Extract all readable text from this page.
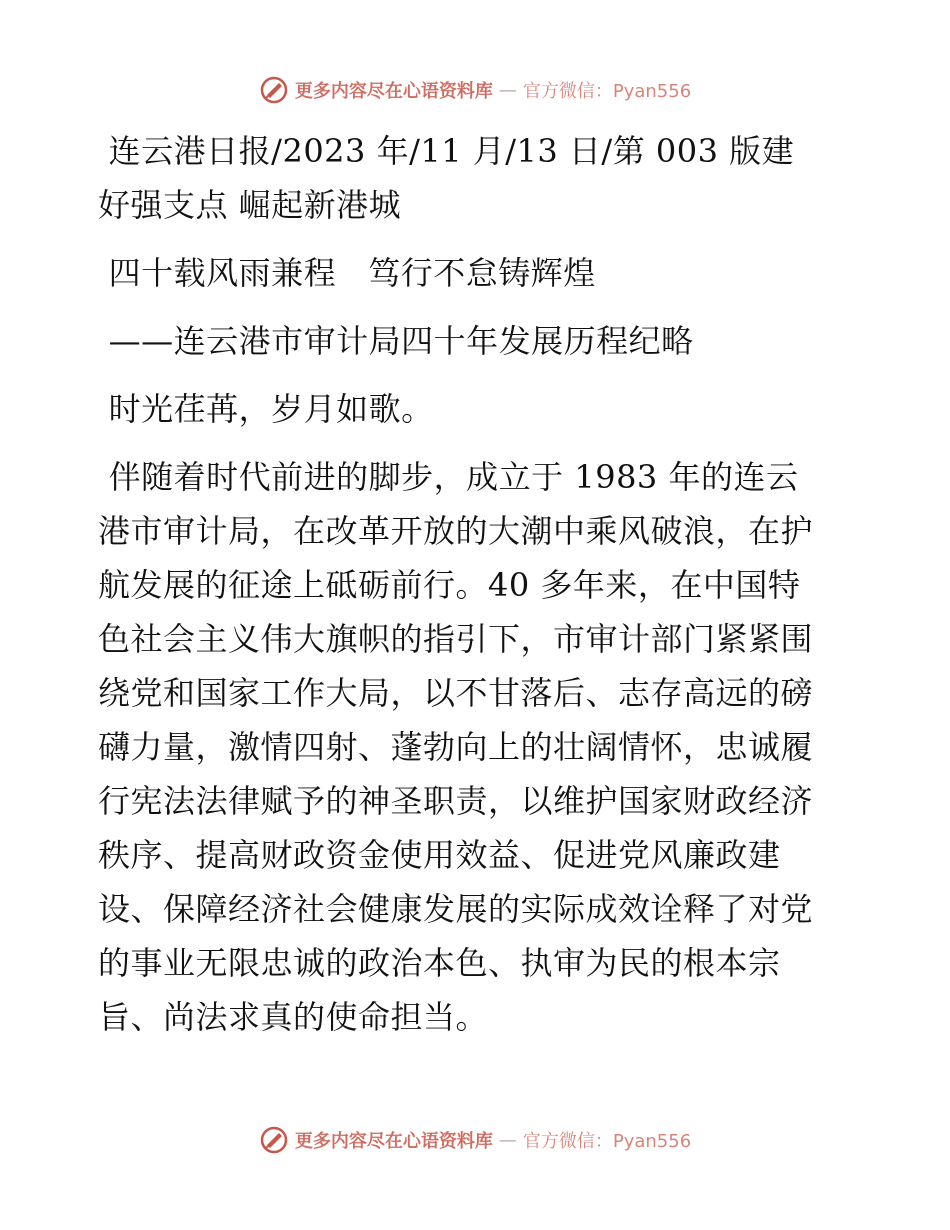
更多内容尽在心语资料库 — 官方微信：Pyan556
连云港日报/2023 年/11 月/13 日/第 003 版建
好强支点 崛起新港城
四十载风雨兼程   笃行不怠铸辉煌
——连云港市审计局四十年发展历程纪略
时光荏苒，岁月如歌。
伴随着时代前进的脚步，成立于 1983 年的连云
港市审计局，在改革开放的大潮中乘风破浪，在护
航发展的征途上砥砺前行。40 多年来，在中国特
色社会主义伟大旗帜的指引下，市审计部门紧紧围
绕党和国家工作大局，以不甘落后、志存高远的磅
礴力量，激情四射、蓬勃向上的壮阔情怀，忠诚履
行宪法法律赋予的神圣职责，以维护国家财政经济
秩序、提高财政资金使用效益、促进党风廉政建
设、保障经济社会健康发展的实际成效诠释了对党
的事业无限忠诚的政治本色、执审为民的根本宗
旨、尚法求真的使命担当。
更多内容尽在心语资料库 — 官方微信：Pyan556
